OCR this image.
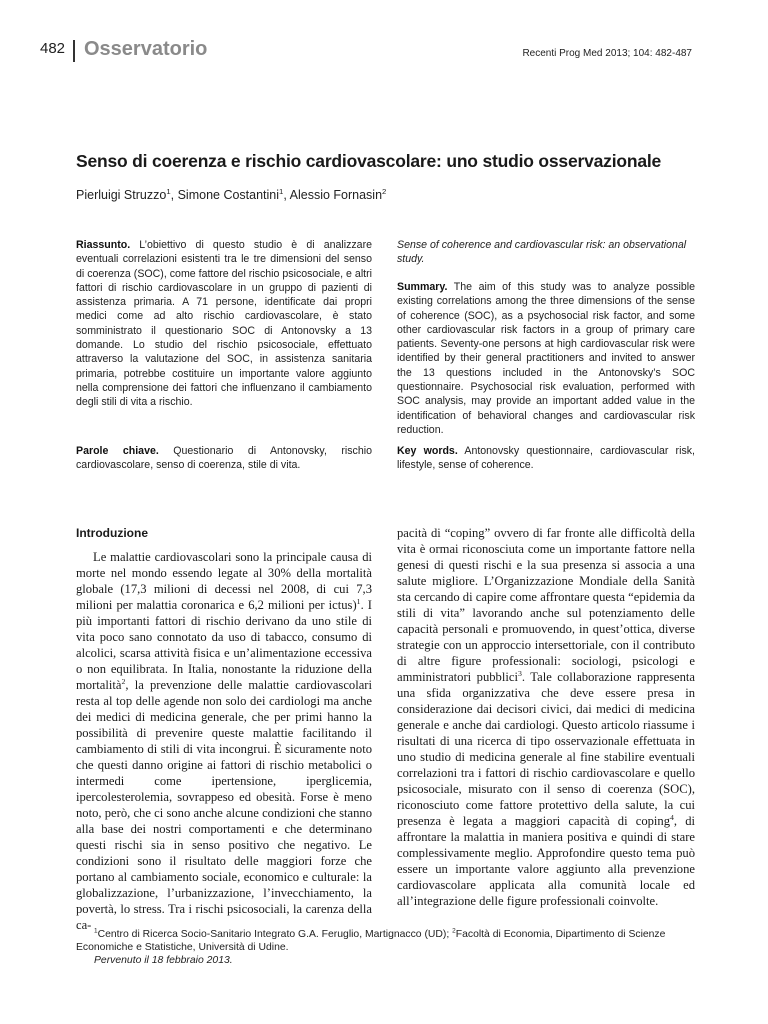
482 Osservatorio	Recenti Prog Med 2013; 104: 482-487
Senso di coerenza e rischio cardiovascolare: uno studio osservazionale
Pierluigi Struzzo$^1$, Simone Costantini$^1$, Alessio Fornasin$^2$
Riassunto. L’obiettivo di questo studio è di analizzare eventuali correlazioni esistenti tra le tre dimensioni del senso di coerenza (SOC), come fattore del rischio psicosociale, e altri fattori di rischio cardiovascolare in un gruppo di pazienti di assistenza primaria. A 71 persone, identificate dai propri medici come ad alto rischio cardiovascolare, è stato somministrato il questionario SOC di Antonovsky a 13 domande. Lo studio del rischio psicosociale, effettuato attraverso la valutazione del SOC, in assistenza sanitaria primaria, potrebbe costituire un importante valore aggiunto nella comprensione dei fattori che influenzano il cambiamento degli stili di vita a rischio.
Parole chiave. Questionario di Antonovsky, rischio cardiovascolare, senso di coerenza, stile di vita.
Sense of coherence and cardiovascular risk: an observational study.
Summary. The aim of this study was to analyze possible existing correlations among the three dimensions of the sense of coherence (SOC), as a psychosocial risk factor, and some other cardiovascular risk factors in a group of primary care patients. Seventy-one persons at high cardiovascular risk were identified by their general practitioners and invited to answer the 13 questions included in the Antonovsky’s SOC questionnaire. Psychosocial risk evaluation, performed with SOC analysis, may provide an important added value in the identification of behavioral changes and cardiovascular risk reduction.
Key words. Antonovsky questionnaire, cardiovascular risk, lifestyle, sense of coherence.
Introduzione

Le malattie cardiovascolari sono la principale causa di morte nel mondo essendo legate al 30% della mortalità globale (17,3 milioni di decessi nel 2008, di cui 7,3 milioni per malattia coronarica e 6,2 milioni per ictus)$^1$. I più importanti fattori di rischio derivano da uno stile di vita poco sano connotato da uso di tabacco, consumo di alcolici, scarsa attività fisica e un’alimentazione eccessiva o non equilibrata. In Italia, nonostante la riduzione della mortalità$^2$, la prevenzione delle malattie cardiovascolari resta al top delle agende non solo dei cardiologi ma anche dei medici di medicina generale, che per primi hanno la possibilità di prevenire queste malattie facilitando il cambiamento di stili di vita incongrui. È sicuramente noto che questi danno origine ai fattori di rischio metabolici o intermedi come ipertensione, iperglicemia, ipercolesterolemia, sovrappeso ed obesità. Forse è meno noto, però, che ci sono anche alcune condizioni che stanno alla base dei nostri comportamenti e che determinano questi rischi sia in senso positivo che negativo. Le condizioni sono il risultato delle maggiori forze che portano al cambiamento sociale, economico e culturale: la globalizzazione, l’urbanizzazione, l’invecchiamento, la povertà, lo stress. Tra i rischi psicosociali, la carenza della ca-

pacità di “coping” ovvero di far fronte alle difficoltà della vita è ormai riconosciuta come un importante fattore nella genesi di questi rischi e la sua presenza si associa a una salute migliore. L’Organizzazione Mondiale della Sanità sta cercando di capire come affrontare questa “epidemia da stili di vita” lavorando anche sul potenziamento delle capacità personali e promuovendo, in quest’ottica, diverse strategie con un approccio intersettoriale, con il contributo di altre figure professionali: sociologi, psicologi e amministratori pubblici$^3$. Tale collaborazione rappresenta una sfida organizzativa che deve essere presa in considerazione dai decisori civici, dai medici di medicina generale e anche dai cardiologi. Questo articolo riassume i risultati di una ricerca di tipo osservazionale effettuata in uno studio di medicina generale al fine stabilire eventuali correlazioni tra i fattori di rischio cardiovascolare e quello psicosociale, misurato con il senso di coerenza (SOC), riconosciuto come fattore protettivo della salute, la cui presenza è legata a maggiori capacità di coping$^4$, di affrontare la malattia in maniera positiva e quindi di stare complessivamente meglio. Approfondire questo tema può essere un importante valore aggiunto alla prevenzione cardiovascolare applicata alla comunità locale ed all’integrazione delle figure professionali coinvolte.

$^1$Centro di Ricerca Socio-Sanitario Integrato G.A. Feruglio, Martignacco (UD); $^2$Facoltà di Economia, Dipartimento di Scienze Economiche e Statistiche, Università di Udine.
Pervenuto il 18 febbraio 2013.
